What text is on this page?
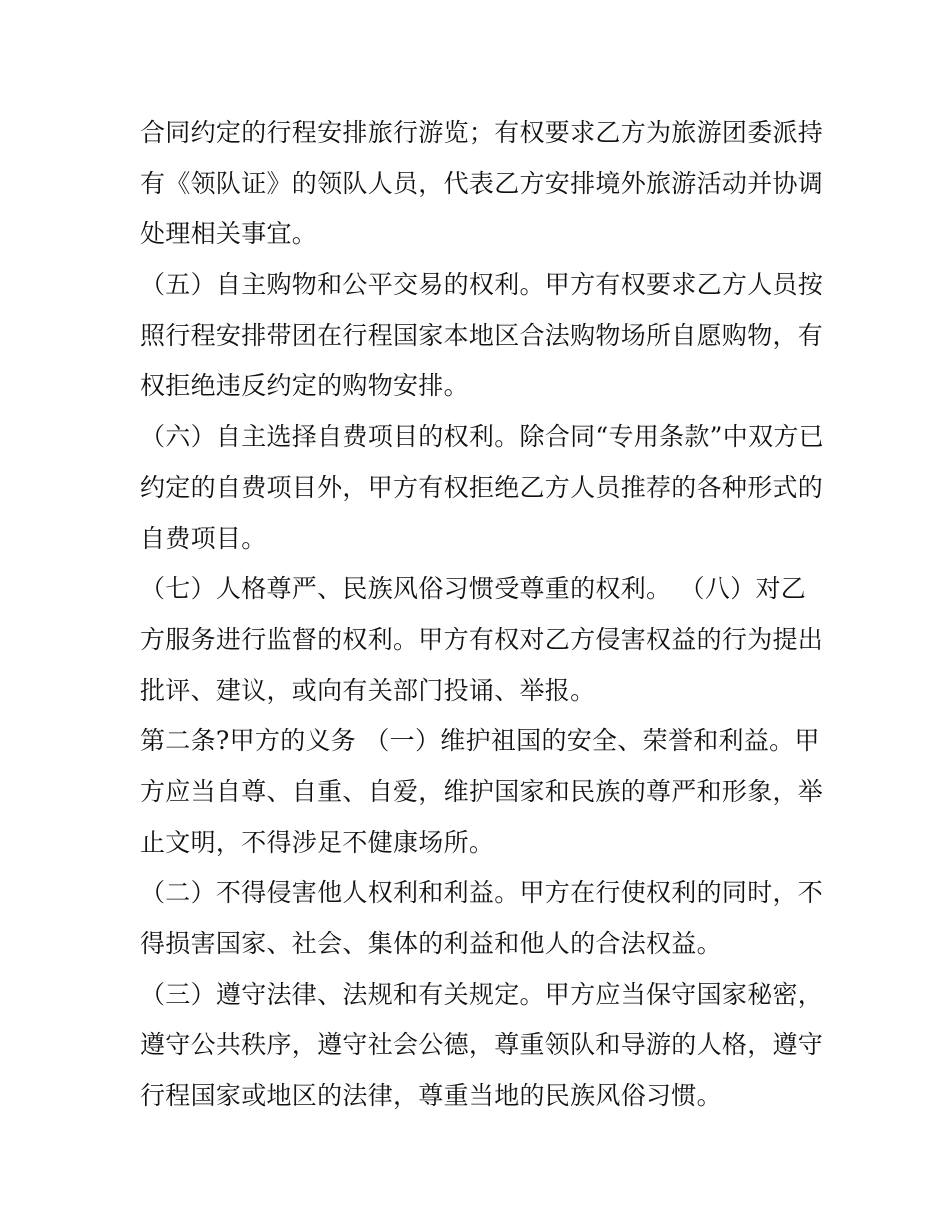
合同约定的行程安排旅行游览；有权要求乙方为旅游团委派持
有《领队证》的领队人员，代表乙方安排境外旅游活动并协调
处理相关事宜。
（五）自主购物和公平交易的权利。甲方有权要求乙方人员按
照行程安排带团在行程国家本地区合法购物场所自愿购物，有
权拒绝违反约定的购物安排。
（六）自主选择自费项目的权利。除合同“专用条款”中双方已
约定的自费项目外，甲方有权拒绝乙方人员推荐的各种形式的
自费项目。
（七）人格尊严、民族风俗习惯受尊重的权利。 （八）对乙
方服务进行监督的权利。甲方有权对乙方侵害权益的行为提出
批评、建议，或向有关部门投诵、举报。
第二条?甲方的义务 （一）维护祖国的安全、荣誉和利益。甲
方应当自尊、自重、自爱，维护国家和民族的尊严和形象，举
止文明，不得涉足不健康场所。
（二）不得侵害他人权利和利益。甲方在行使权利的同时，不
得损害国家、社会、集体的利益和他人的合法权益。
（三）遵守法律、法规和有关规定。甲方应当保守国家秘密，
遵守公共秩序，遵守社会公德，尊重领队和导游的人格，遵守
行程国家或地区的法律，尊重当地的民族风俗习惯。
